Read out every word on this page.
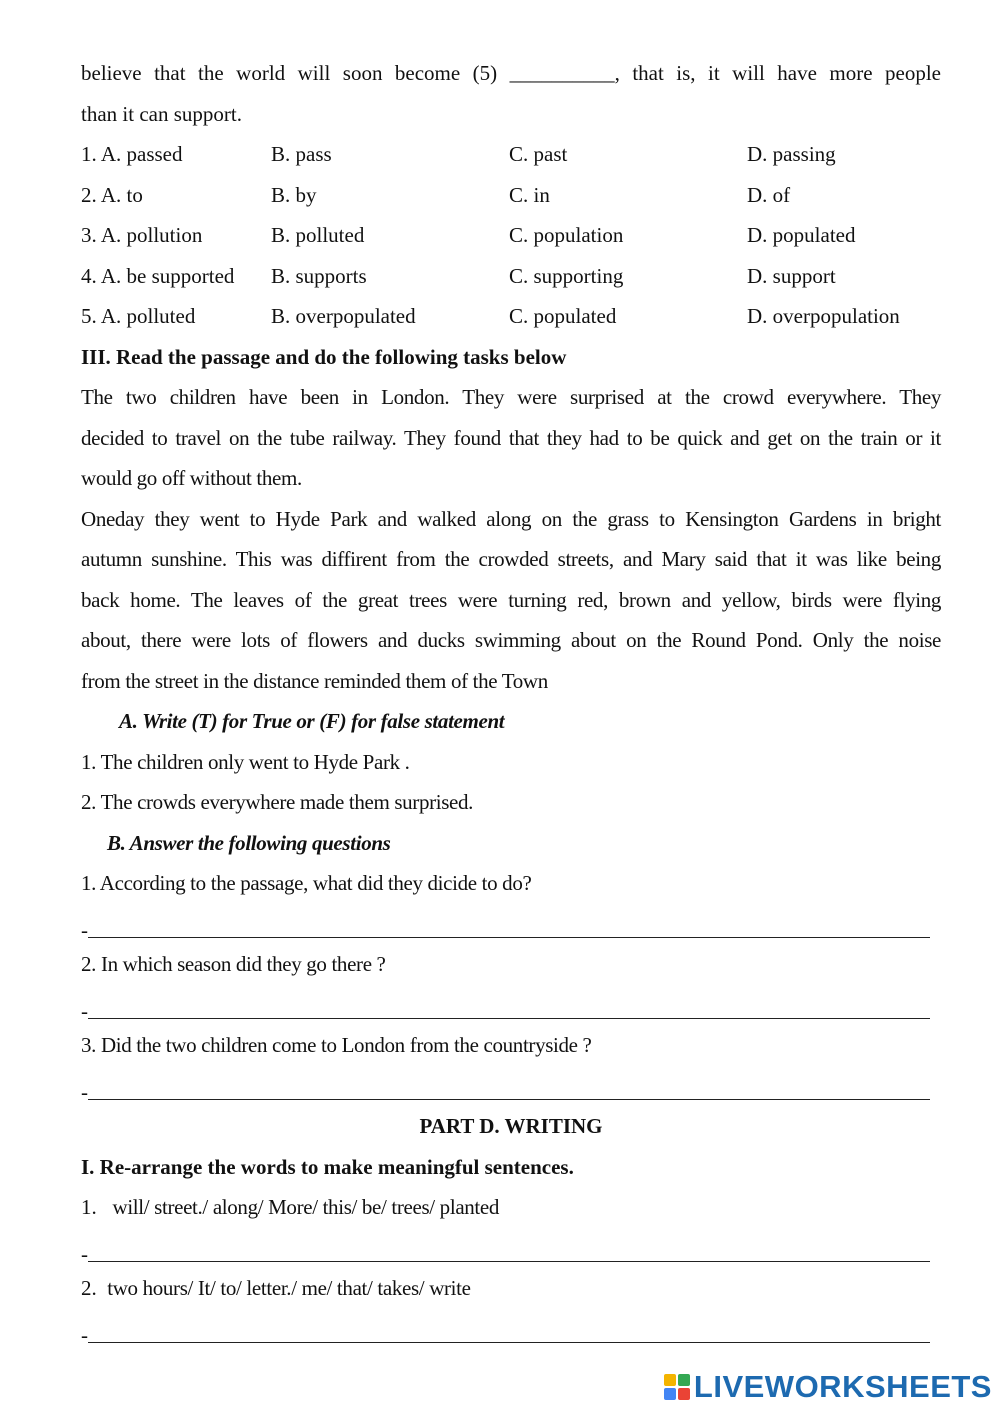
believe that the world will soon become (5) __________, that is, it will have more people
than it can support.
1. A. passed	B. pass	C. past	D. passing
2. A. to	B. by	C. in	D. of
3. A. pollution	B. polluted	C. population	D. populated
4. A. be supported	B. supports	C. supporting	D. support
5. A. polluted	B. overpopulated	C. populated	D. overpopulation
III. Read the passage and do the following tasks below
The two children have been in London. They were surprised at the crowd everywhere. They
decided to travel on the tube railway. They found that they had to be quick and get on the train or it
would go off without them.
Oneday they went to Hyde Park and walked along on the grass to Kensington Gardens in bright
autumn sunshine. This was diffirent from the crowded streets, and Mary said that it was like being
back home. The leaves of the great trees were turning red, brown and yellow, birds were flying
about, there were lots of flowers and ducks swimming about on the Round Pond. Only the noise
from the street in the distance reminded them of the Town
A. Write (T) for True or (F) for false statement
1. The children only went to Hyde Park .
2. The crowds everywhere made them surprised.
B. Answer the following questions
1. According to the passage, what did they dicide to do?
-
2. In which season did they go there ?
-
3. Did the two children come to London from the countryside ?
-
PART D. WRITING
I. Re-arrange the words to make meaningful sentences.
1. will/ street./ along/ More/ this/ be/ trees/ planted
-
2. two hours/ It/ to/ letter./ me/ that/ takes/ write
-
LIVEWORKSHEETS
